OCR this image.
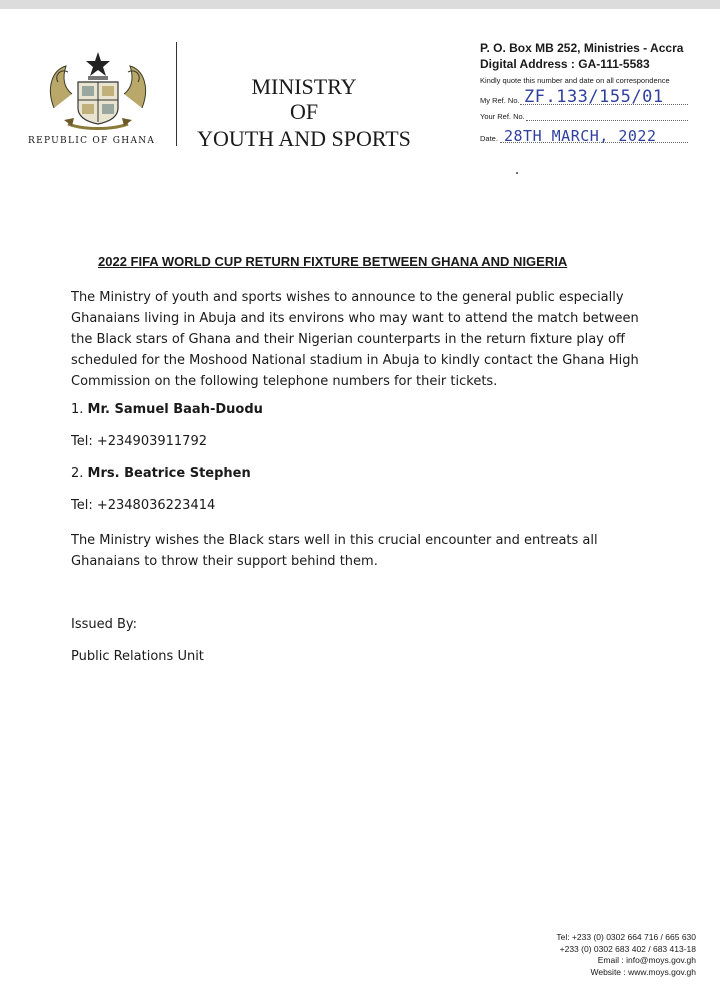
REPUBLIC OF GHANA
MINISTRY
OF
YOUTH AND SPORTS
P. O. Box MB 252, Ministries - Accra
Digital Address : GA-111-5583
Kindly quote this number and date on all correspondence
My Ref. No. ZF.133/155/01
Your Ref. No.
Date. 28TH MARCH, 2022
2022 FIFA WORLD CUP RETURN FIXTURE BETWEEN GHANA AND NIGERIA
The Ministry of youth and sports wishes to announce to the general public especially Ghanaians living in Abuja and its environs who may want to attend the match between the Black stars of Ghana and their Nigerian counterparts in the return fixture play off scheduled for the Moshood National stadium in Abuja to kindly contact the Ghana High Commission on the following telephone numbers for their tickets.
1. Mr. Samuel Baah-Duodu
Tel: +234903911792
2. Mrs. Beatrice Stephen
Tel: +2348036223414
The Ministry wishes the Black stars well in this crucial encounter and entreats all Ghanaians to throw their support behind them.
Issued By:
Public Relations Unit
Tel: +233 (0) 0302 664 716 / 665 630
+233 (0) 0302 683 402 / 683 413-18
Email : info@moys.gov.gh
Website : www.moys.gov.gh
